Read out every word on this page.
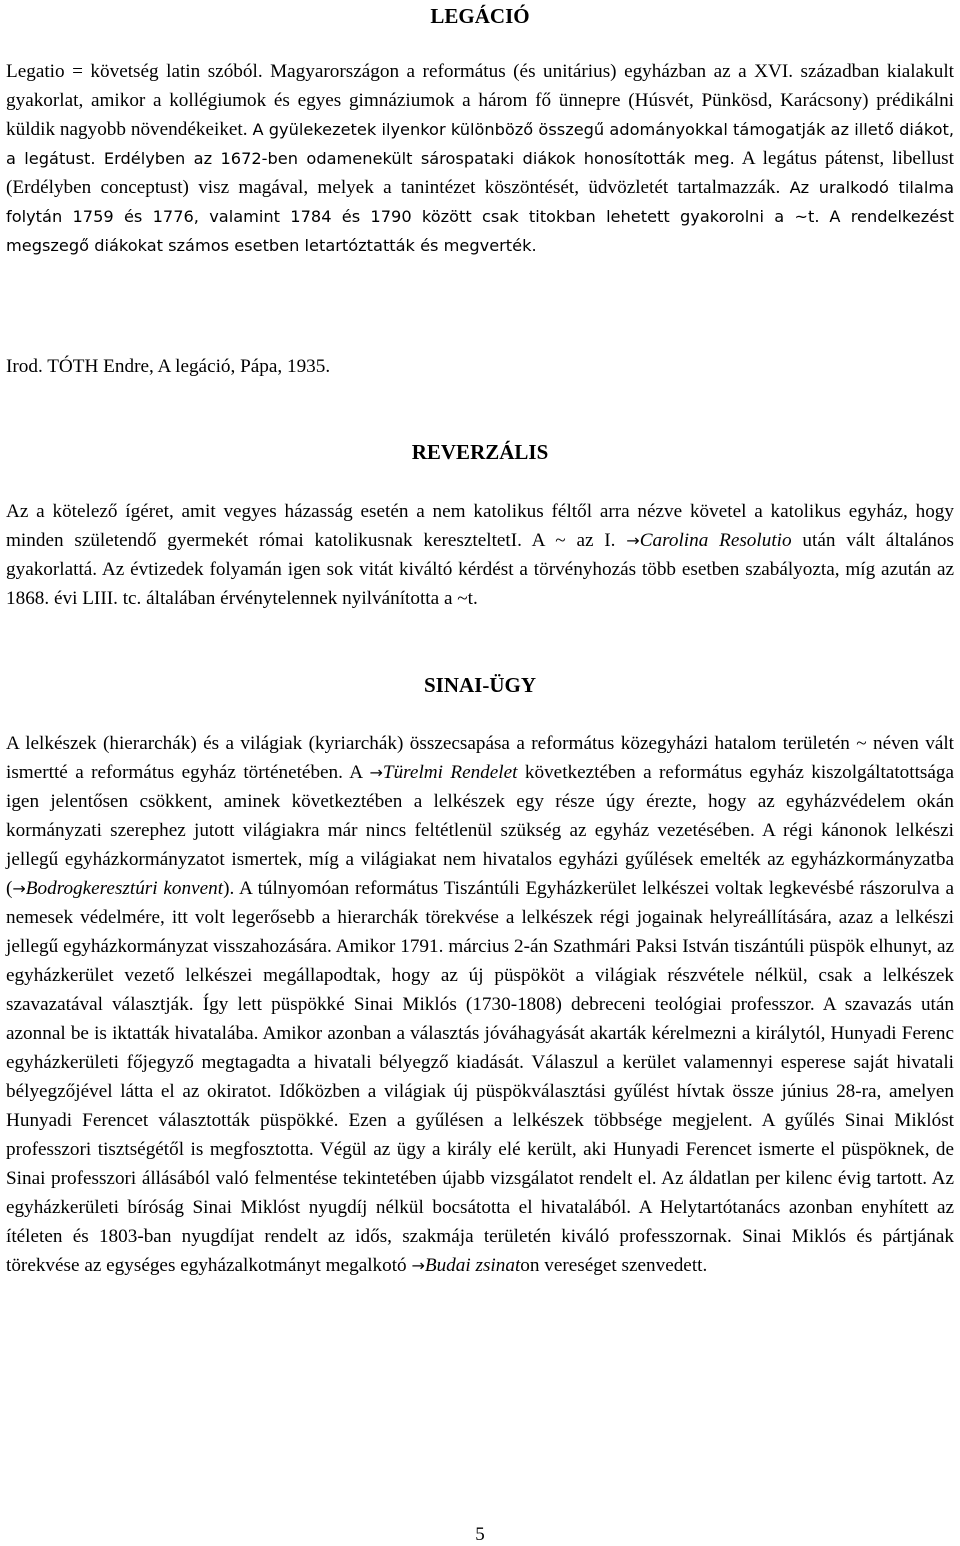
LEGÁCIÓ

Legatio = követség latin szóból. Magyarországon a református (és unitárius) egyházban az a XVI. században kialakult gyakorlat, amikor a kollégiumok és egyes gimnáziumok a három fő ünnepre (Húsvét, Pünkösd, Karácsony) prédikálni küldik nagyobb növendékeiket. A gyülekezetek ilyenkor különböző összegű adományokkal támogatják az illető diákot, a legátust. Erdélyben az 1672-ben odamenekült sárospataki diákok honosították meg. A legátus pátenst, libellust (Erdélyben conceptust) visz magával, melyek a tanintézet köszöntését, üdvözletét tartalmazzák. Az uralkodó tilalma folytán 1759 és 1776, valamint 1784 és 1790 között csak titokban lehetett gyakorolni a ~t. A rendelkezést megszegő diákokat számos esetben letartóztatták és megverték.

Irod. TÓTH Endre, A legáció, Pápa, 1935.

REVERZÁLIS

Az a kötelező ígéret, amit vegyes házasság esetén a nem katolikus féltől arra nézve követel a katolikus egyház, hogy minden születendő gyermekét római katolikusnak kereszteltetI. A ~ az I. →Carolina Resolutio után vált általános gyakorlattá. Az évtizedek folyamán igen sok vitát kiváltó kérdést a törvényhozás több esetben szabályozta, míg azután az 1868. évi LIII. tc. általában érvénytelennek nyilvánította a ~t.

SINAI-ÜGY

A lelkészek (hierarchák) és a világiak (kyriarchák) összecsapása a református közegyházi hatalom területén ~ néven vált ismertté a református egyház történetében. A →Türelmi Rendelet következtében a református egyház kiszolgáltatottsága igen jelentősen csökkent, aminek következtében a lelkészek egy része úgy érezte, hogy az egyházvédelem okán kormányzati szerephez jutott világiakra már nincs feltétlenül szükség az egyház vezetésében. A régi kánonok lelkészi jellegű egyházkormányzatot ismertek, míg a világiakat nem hivatalos egyházi gyűlések emelték az egyházkormányzatba (→Bodrogkeresztúri konvent). A túlnyomóan református Tiszántúli Egyházkerület lelkészei voltak legkevésbé rászorulva a nemesek védelmére, itt volt legerősebb a hierarchák törekvése a lelkészek régi jogainak helyreállítására, azaz a lelkészi jellegű egyházkormányzat visszahozására. Amikor 1791. március 2-án Szathmári Paksi István tiszántúli püspök elhunyt, az egyházkerület vezető lelkészei megállapodtak, hogy az új püspököt a világiak részvétele nélkül, csak a lelkészek szavazatával választják. Így lett püspökké Sinai Miklós (1730-1808) debreceni teológiai professzor. A szavazás után azonnal be is iktatták hivatalába. Amikor azonban a választás jóváhagyását akarták kérelmezni a királytól, Hunyadi Ferenc egyházkerületi főjegyző megtagadta a hivatali bélyegző kiadását. Válaszul a kerület valamennyi esperese saját hivatali bélyegzőjével látta el az okiratot. Időközben a világiak új püspökválasztási gyűlést hívtak össze június 28-ra, amelyen Hunyadi Ferencet választották püspökké. Ezen a gyűlésen a lelkészek többsége megjelent. A gyűlés Sinai Miklóst professzori tisztségétől is megfosztotta. Végül az ügy a király elé került, aki Hunyadi Ferencet ismerte el püspöknek, de Sinai professzori állásából való felmentése tekintetében újabb vizsgálatot rendelt el. Az áldatlan per kilenc évig tartott. Az egyházkerületi bíróság Sinai Miklóst nyugdíj nélkül bocsátotta el hivatalából. A Helytartótanács azonban enyhített az ítéleten és 1803-ban nyugdíjat rendelt az idős, szakmája területén kiváló professzornak. Sinai Miklós és pártjának törekvése az egységes egyházalkotmányt megalkotó →Budai zsinaton vereséget szenvedett.

5
